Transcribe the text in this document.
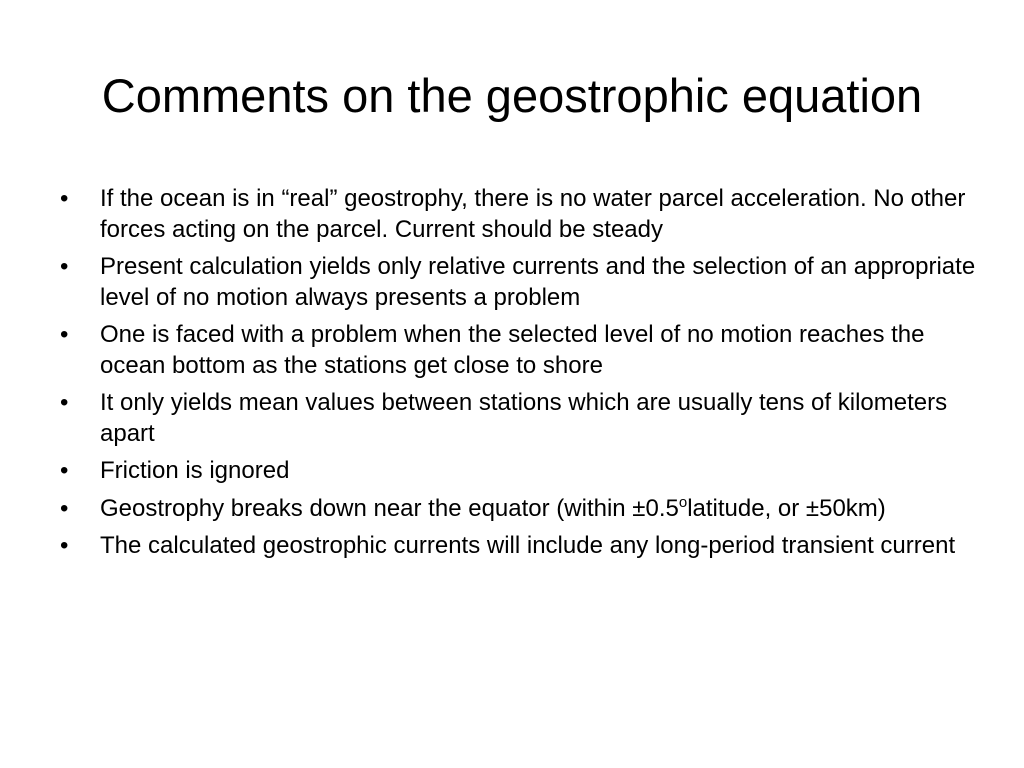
Comments on the geostrophic equation
• If the ocean is in “real” geostrophy, there is no water parcel acceleration. No other forces acting on the parcel. Current should be steady
• Present calculation yields only relative currents and the selection of an appropriate level of no motion always presents a problem
• One is faced with a problem when the selected level of no motion reaches the ocean bottom as the stations get close to shore
• It only yields mean values between stations which are usually tens of kilometers apart
• Friction is ignored
• Geostrophy breaks down near the equator (within $\pm 0.5^olatitude$, or ±50km)
• The calculated geostrophic currents will include any long-period transient current
